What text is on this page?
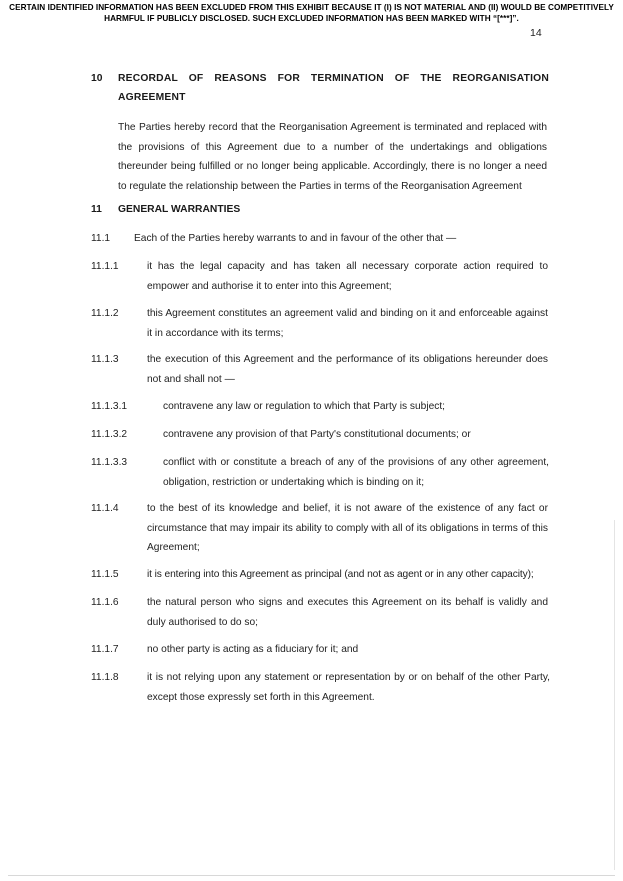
CERTAIN IDENTIFIED INFORMATION HAS BEEN EXCLUDED FROM THIS EXHIBIT BECAUSE IT (I) IS NOT MATERIAL AND (II) WOULD BE COMPETITIVELY HARMFUL IF PUBLICLY DISCLOSED. SUCH EXCLUDED INFORMATION HAS BEEN MARKED WITH “[***]”.
14
10 RECORDAL OF REASONS FOR TERMINATION OF THE REORGANISATION AGREEMENT
The Parties hereby record that the Reorganisation Agreement is terminated and replaced with the provisions of this Agreement due to a number of the undertakings and obligations thereunder being fulfilled or no longer being applicable. Accordingly, there is no longer a need to regulate the relationship between the Parties in terms of the Reorganisation Agreement
11 GENERAL WARRANTIES
11.1 Each of the Parties hereby warrants to and in favour of the other that —
11.1.1	it has the legal capacity and has taken all necessary corporate action required to empower and authorise it to enter into this Agreement;
11.1.2	this Agreement constitutes an agreement valid and binding on it and enforceable against it in accordance with its terms;
11.1.3	the execution of this Agreement and the performance of its obligations hereunder does not and shall not —
11.1.3.1	contravene any law or regulation to which that Party is subject;
11.1.3.2	contravene any provision of that Party's constitutional documents; or
11.1.3.3	conflict with or constitute a breach of any of the provisions of any other agreement, obligation, restriction or undertaking which is binding on it;
11.1.4	to the best of its knowledge and belief, it is not aware of the existence of any fact or circumstance that may impair its ability to comply with all of its obligations in terms of this Agreement;
11.1.5	it is entering into this Agreement as principal (and not as agent or in any other capacity);
11.1.6	the natural person who signs and executes this Agreement on its behalf is validly and duly authorised to do so;
11.1.7	no other party is acting as a fiduciary for it; and
11.1.8	it is not relying upon any statement or representation by or on behalf of the other Party, except those expressly set forth in this Agreement.
